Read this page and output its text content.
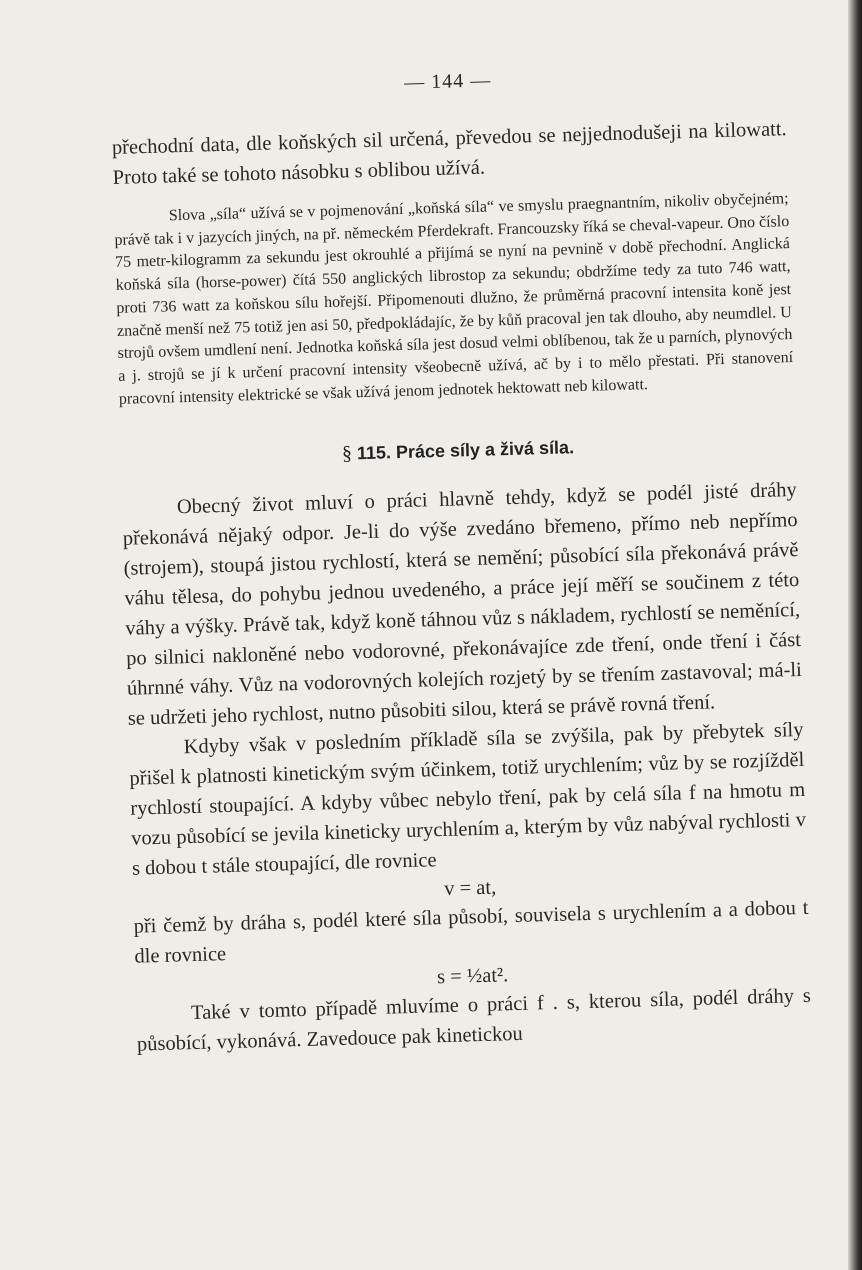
— 144 —

přechodní data, dle koňských sil určená, převedou se nejjednodušeji na kilowatt. Proto také se tohoto násobku s oblibou užívá.

Slova „síla“ užívá se v pojmenování „koňská síla“ ve smyslu praegnantním, nikoliv obyčejném; právě tak i v jazycích jiných, na př. německém Pferdekraft. Francouzsky říká se cheval-vapeur. Ono číslo 75 metr-kilogramm za sekundu jest okrouhlé a přijímá se nyní na pevnině v době přechodní. Anglická koňská síla (horse-power) čítá 550 anglických librostop za sekundu; obdržíme tedy za tuto 746 watt, proti 736 watt za koňskou sílu hořejší. Připomenouti dlužno, že průměrná pracovní intensita koně jest značně menší než 75 totiž jen asi 50, předpokládajíc, že by kůň pracoval jen tak dlouho, aby neumdlel. U strojů ovšem umdlení není. Jednotka koňská síla jest dosud velmi oblíbenou, tak že u parních, plynových a j. strojů se jí k určení pracovní intensity všeobecně užívá, ač by i to mělo přestati. Při stanovení pracovní intensity elektrické se však užívá jenom jednotek hektowatt neb kilowatt.

§ 115. Práce síly a živá síla.

Obecný život mluví o práci hlavně tehdy, když se podél jisté dráhy překonává nějaký odpor. Je-li do výše zvedáno břemeno, přímo neb nepřímo (strojem), stoupá jistou rychlostí, která se nemění; působící síla překonává právě váhu tělesa, do pohybu jednou uvedeného, a práce její měří se součinem z této váhy a výšky. Právě tak, když koně táhnou vůz s nákladem, rychlostí se neměnící, po silnici nakloněné nebo vodorovné, překonávajíce zde tření, onde tření i část úhrnné váhy. Vůz na vodorovných kolejích rozjetý by se třením zastavoval; má-li se udržeti jeho rychlost, nutno působiti silou, která se právě rovná tření.

Kdyby však v posledním příkladě síla se zvýšila, pak by přebytek síly přišel k platnosti kinetickým svým účinkem, totiž urychlením; vůz by se rozjížděl rychlostí stoupající. A kdyby vůbec nebylo tření, pak by celá síla f na hmotu m vozu působící se jevila kineticky urychlením a, kterým by vůz nabýval rychlosti v s dobou t stále stoupající, dle rovnice

v = at,

při čemž by dráha s, podél které síla působí, souvisela s urychlením a a dobou t dle rovnice

s = ½at².

Také v tomto případě mluvíme o práci f . s, kterou síla, podél dráhy s působící, vykonává. Zavedouce pak kinetickou
